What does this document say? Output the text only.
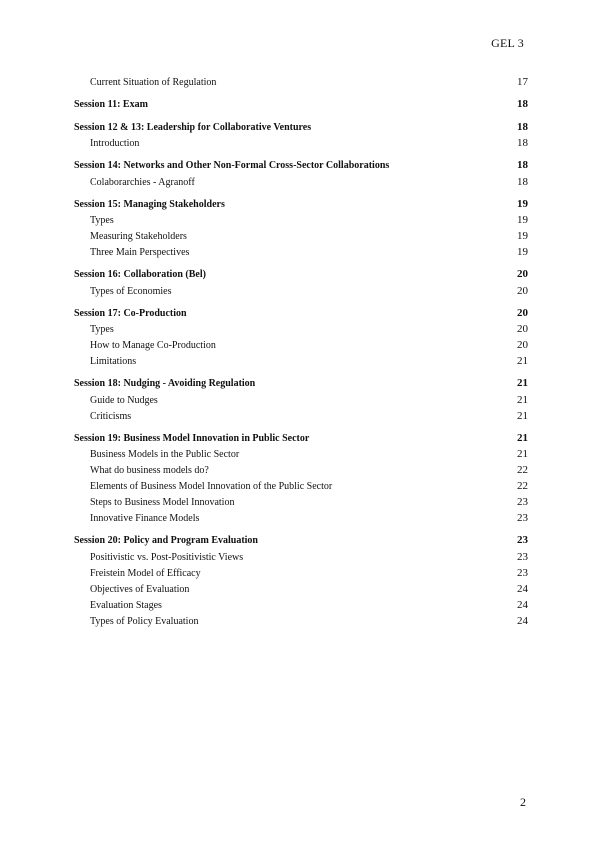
GEL 3
Current Situation of Regulation	17
Session 11: Exam	18
Session 12 & 13: Leadership for Collaborative Ventures	18
Introduction	18
Session 14: Networks and Other Non-Formal Cross-Sector Collaborations	18
Colaborarchies - Agranoff	18
Session 15: Managing Stakeholders	19
Types	19
Measuring Stakeholders	19
Three Main Perspectives	19
Session 16: Collaboration (Bel)	20
Types of Economies	20
Session 17: Co-Production	20
Types	20
How to Manage Co-Production	20
Limitations	21
Session 18: Nudging - Avoiding Regulation	21
Guide to Nudges	21
Criticisms	21
Session 19: Business Model Innovation in Public Sector	21
Business Models in the Public Sector	21
What do business models do?	22
Elements of Business Model Innovation of the Public Sector	22
Steps to Business Model Innovation	23
Innovative Finance Models	23
Session 20: Policy and Program Evaluation	23
Positivistic vs. Post-Positivistic Views	23
Freistein Model of Efficacy	23
Objectives of Evaluation	24
Evaluation Stages	24
Types of Policy Evaluation	24
2
